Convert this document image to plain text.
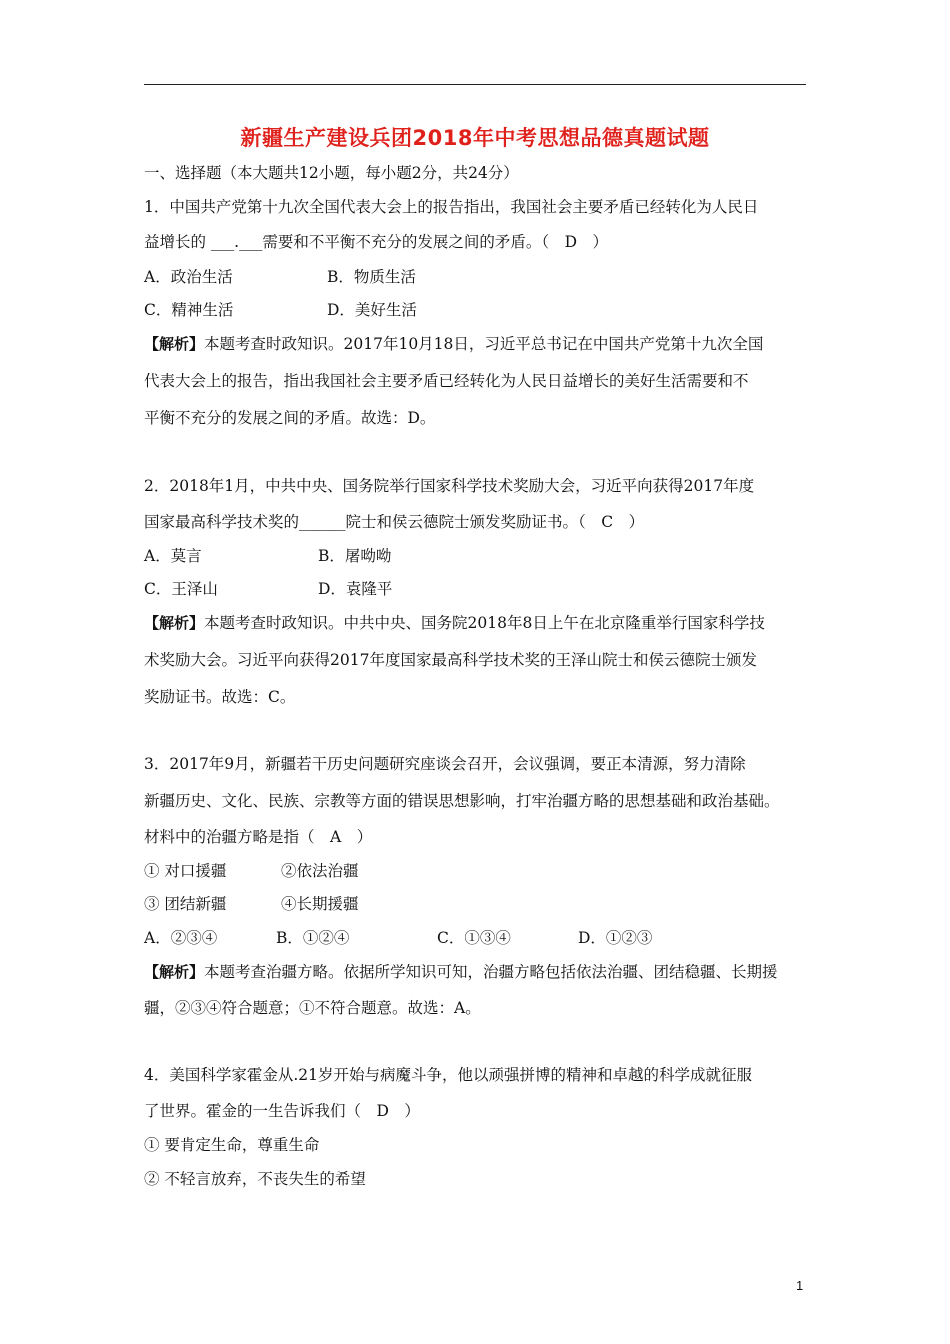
新疆生产建设兵团2018年中考思想品德真题试题
一、选择题（本大题共12小题，每小题2分，共24分）
1．中国共产党第十九次全国代表大会上的报告指出，我国社会主要矛盾已经转化为人民日
益增长的 ___.___需要和不平衡不充分的发展之间的矛盾。（　D　）
A．政治生活	B．物质生活
C．精神生活	D．美好生活
【解析】本题考查时政知识。2017年10月18日，习近平总书记在中国共产党第十九次全国
代表大会上的报告，指出我国社会主要矛盾已经转化为人民日益增长的美好生活需要和不
平衡不充分的发展之间的矛盾。故选：D。
2．2018年1月，中共中央、国务院举行国家科学技术奖励大会，习近平向获得2017年度
国家最高科学技术奖的______院士和侯云德院士颁发奖励证书。（　C　）
A．莫言	B．屠呦呦
C．王泽山	D．袁隆平
【解析】本题考查时政知识。中共中央、国务院2018年8日上午在北京隆重举行国家科学技
术奖励大会。习近平向获得2017年度国家最高科学技术奖的王泽山院士和侯云德院士颁发
奖励证书。故选：C。
3．2017年9月，新疆若干历史问题研究座谈会召开，会议强调，要正本清源，努力清除
新疆历史、文化、民族、宗教等方面的错误思想影响，打牢治疆方略的思想基础和政治基础。
材料中的治疆方略是指（　A　）
① 对口援疆	②依法治疆
③ 团结新疆	④长期援疆
A．②③④	B．①②④	C．①③④	D．①②③
【解析】本题考查治疆方略。依据所学知识可知，治疆方略包括依法治疆、团结稳疆、长期援
疆，②③④符合题意；①不符合题意。故选：A。
4．美国科学家霍金从.21岁开始与病魔斗争，他以顽强拼博的精神和卓越的科学成就征服
了世界。霍金的一生告诉我们（　D　）
① 要肯定生命，尊重生命
② 不轻言放弃，不丧失生的希望
1
